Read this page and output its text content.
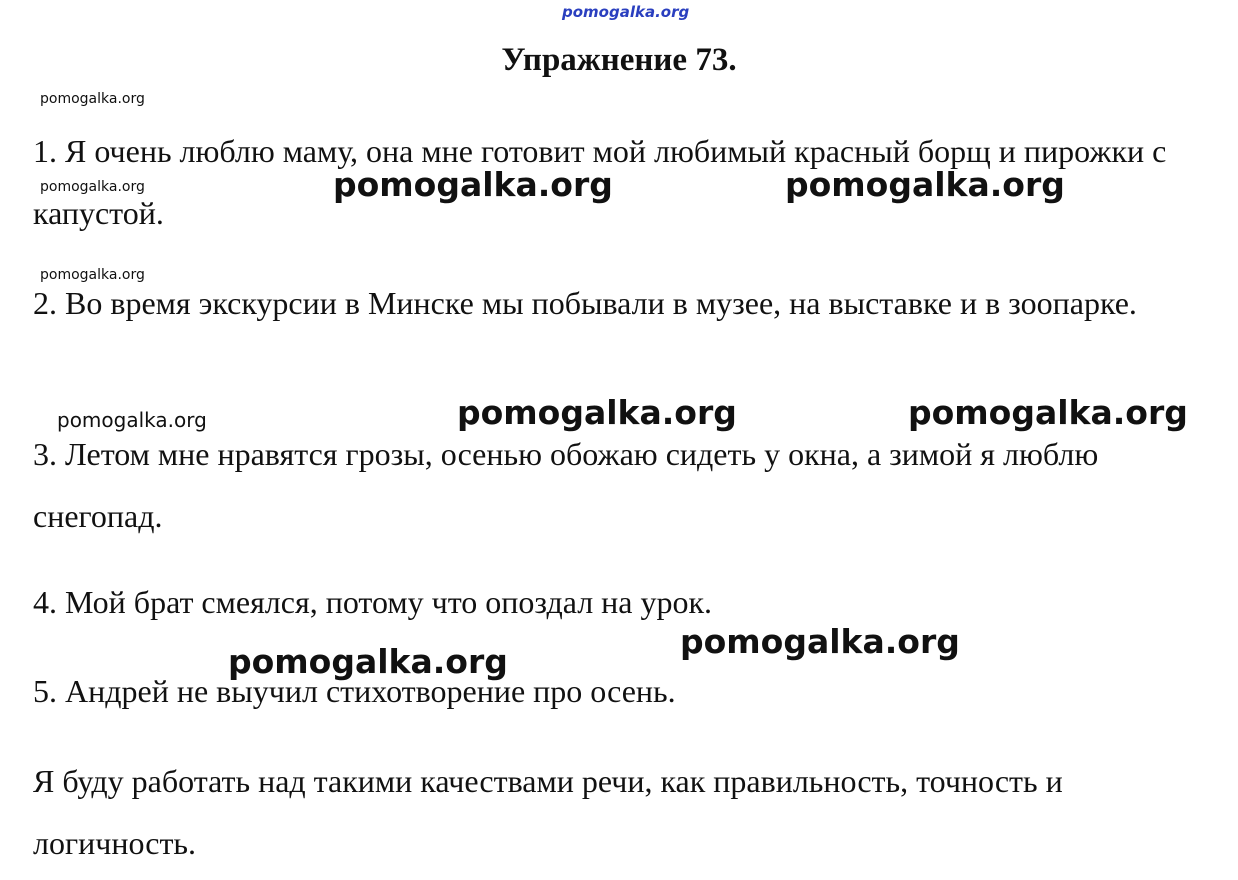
pomogalka.org
Упражнение 73.
pomogalka.org

1. Я очень люблю маму, она мне готовит мой любимый красный борщ и пирожки с капустой.

pomogalka.org	pomogalka.org	pomogalka.org
pomogalka.org

2. Во время экскурсии в Минске мы побывали в музее, на выставке и в зоопарке.

pomogalka.org	pomogalka.org	pomogalka.org

3. Летом мне нравятся грозы, осенью обожаю сидеть у окна, а зимой я люблю снегопад.

4. Мой брат смеялся, потому что опоздал на урок.

pomogalka.org
pomogalka.org

5. Андрей не выучил стихотворение про осень.

Я буду работать над такими качествами речи, как правильность, точность и логичность.
